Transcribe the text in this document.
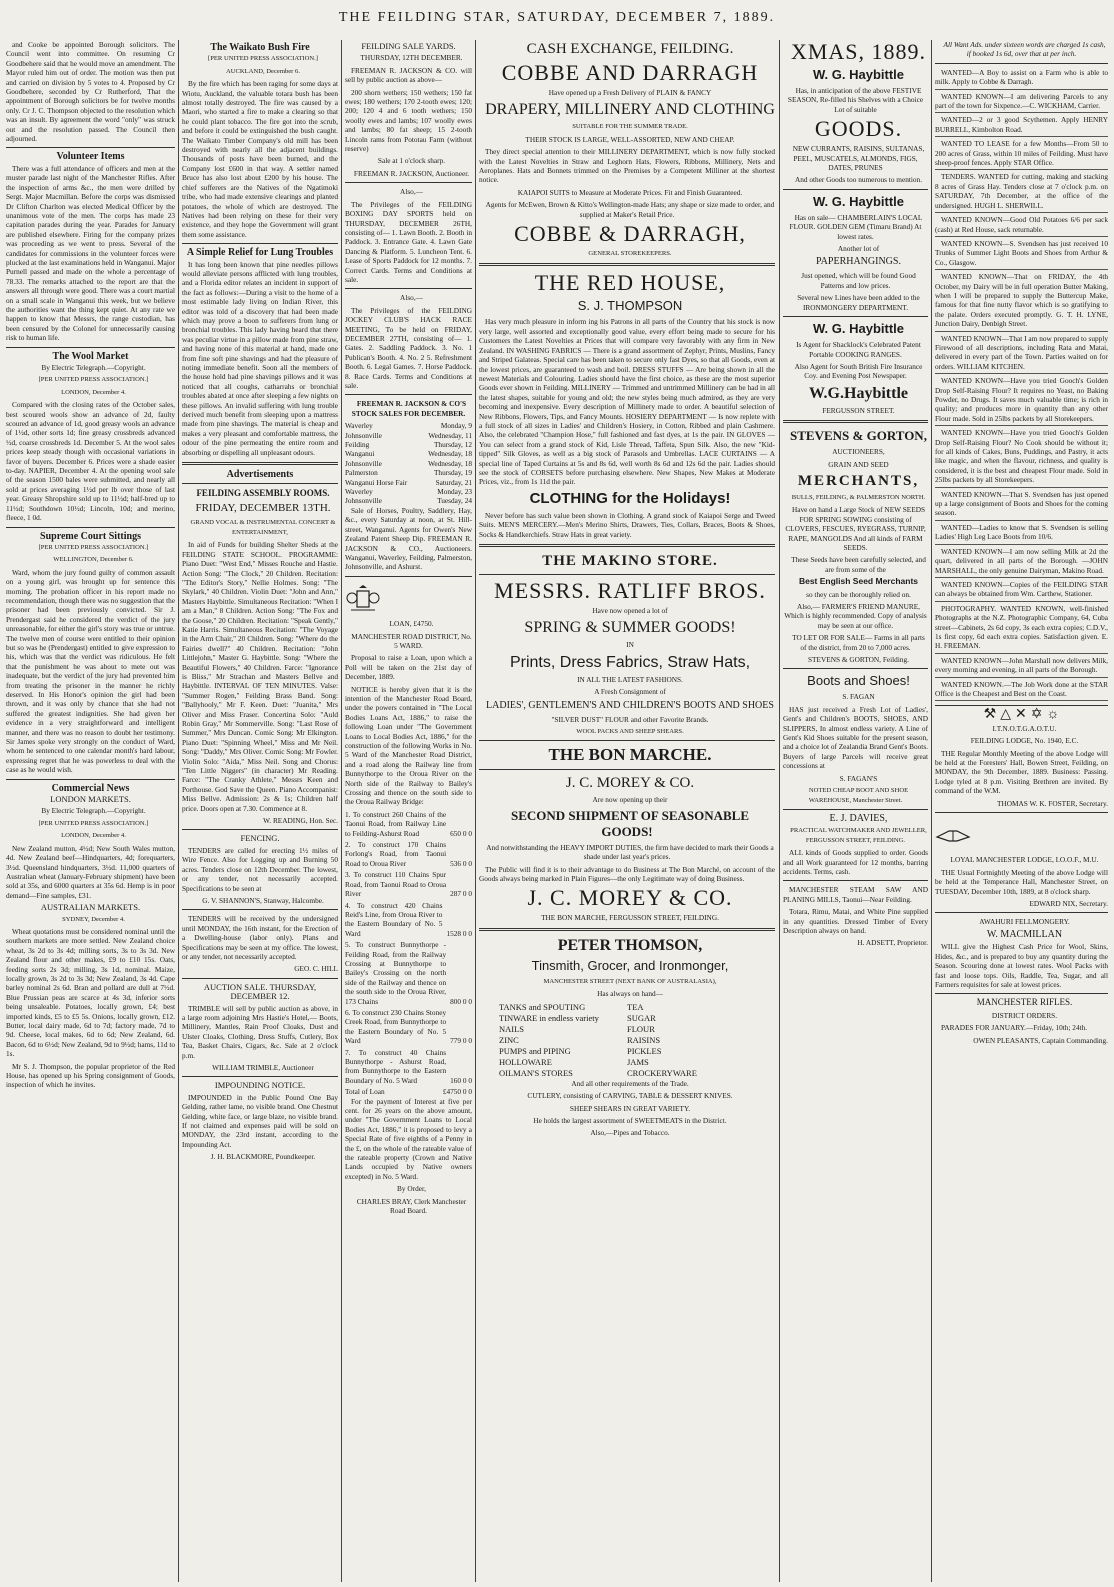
THE FEILDING STAR, SATURDAY, DECEMBER 7, 1889.

and Cooke be appointed Borough solicitors. The Council went into committee. On resuming Cr Goodbehere said that he would move an amendment. The Mayor ruled him out of order. The motion was then put and carried on division by 5 votes to 4. Proposed by Cr Goodbehere, seconded by Cr Rutherford, That the appointment of Borough solicitors be for twelve months only. Cr J. C. Thompson objected to the resolution which was an insult. By agreement the word "only" was struck out and the resolution passed. The Council then adjourned.

Volunteer Items

There was a full attendance of officers and men at the muster parade last night of the Manchester Rifles. After the inspection of arms &c., the men were drilled by Sergt. Major Macmillan. Before the corps was dismissed Dr Clifton Charlton was elected Medical Officer by the unanimous vote of the men. The corps has made 23 capitation parades during the year. Parades for January are published elsewhere. Firing for the company prizes was proceeding as we went to press. Several of the candidates for commissions in the volunteer forces were plucked at the last examinations held in Wanganui. Major Purnell passed and made on the whole a percentage of 78.33. The remarks attached to the report are that the answers all through were good. There was a court martial on a small scale in Wanganui this week, but we believe the authorities want the thing kept quiet. At any rate we happen to know that Messrs, the range custodian, has been censured by the Colonel for unnecessarily causing risk to human life.

The Wool Market

By Electric Telegraph.—Copyright.

[PER UNITED PRESS ASSOCIATION.]

LONDON, December 4.

Compared with the closing rates of the October sales, best scoured wools show an advance of 2d, faulty scoured an advance of 1d, good greasy wools an advance of 1½d, other sorts 1d; fine greasy crossbreds advanced ½d, coarse crossbreds 1d. December 5. At the wool sales prices keep steady though with occasional variations in favor of buyers. December 6. Prices were a shade easier to-day. NAPIER, December 4. At the opening wool sale of the season 1500 bales were submitted, and nearly all sold at prices averaging 1½d per lb over those of last year. Greasy Shropshire sold up to 11½d; half-bred up to 11½d; Southdown 10½d; Lincoln, 10d; and merino, fleece, 1 0d.

Supreme Court Sittings

[PER UNITED PRESS ASSOCIATION.]

WELLINGTON, December 6.

Ward, whom the jury found guilty of common assault on a young girl, was brought up for sentence this morning. The probation officer in his report made no recommendation, though there was no suggestion that the prisoner had been previously convicted. Sir J. Prendergast said he considered the verdict of the jury unreasonable, for either the girl's story was true or untrue. The twelve men of course were entitled to their opinion but so was he (Prendergast) entitled to give expression to his, which was that the verdict was ridiculous. He felt that the punishment he was about to mete out was inadequate, but the verdict of the jury had prevented him from treating the prisoner in the manner he richly deserved. In His Honor's opinion the girl had been thrown, and it was only by chance that she had not suffered the greatest indignities. She had given her evidence in a very straightforward and intelligent manner, and there was no reason to doubt her testimony. Sir James spoke very strongly on the conduct of Ward, whom he sentenced to one calendar month's hard labour, expressing regret that he was powerless to deal with the case as he would wish.

Commercial News
LONDON MARKETS.

By Electric Telegraph.—Copyright.

[PER UNITED PRESS ASSOCIATION.]

LONDON, December 4.

New Zealand mutton, 4½d; New South Wales mutton, 4d. New Zealand beef—Hindquarters, 4d; forequarters, 3½d. Queensland hindquarters, 3½d. 11,000 quarters of Australian wheat (January-February shipment) have been sold at 35s, and 6000 quarters at 35s 6d. Hemp is in poor demand—Fine samples, £31.

AUSTRALIAN MARKETS.

SYDNEY, December 4.

Wheat quotations must be considered nominal until the southern markets are more settled. New Zealand choice wheat, 3s 2d to 3s 4d; milling sorts, 3s to 3s 3d. New Zealand flour and other makes, £9 to £10 15s. Oats, feeding sorts 2s 3d; milling, 3s 1d, nominal. Maize, locally grown, 3s 2d to 3s 3d; New Zealand, 3s 4d. Cape barley nominal 2s 6d. Bran and pollard are dull at 7½d. Blue Prussian peas are scarce at 4s 3d, inferior sorts being unsaleable. Potatoes, locally grown, £4; best imported kinds, £5 to £5 5s. Onions, locally grown, £12. Butter, local dairy made, 6d to 7d; factory made, 7d to 9d. Cheese, local makes, 6d to 6d; New Zealand, 6d. Bacon, 6d to 6½d; New Zealand, 9d to 9½d; hams, 11d to 1s.

Mr S. J. Thompson, the popular proprietor of the Red House, has opened up his Spring consignment of Goods, inspection of which he invites.

The Waikato Bush Fire

[PER UNITED PRESS ASSOCIATION.]

AUCKLAND, December 6.

By the fire which has been raging for some days at Wiotu, Auckland, the valuable totara bush has been almost totally destroyed. The fire was caused by a Maori, who started a fire to make a clearing so that he could plant tobacco. The fire got into the scrub, and before it could be extinguished the bush caught. The Waikato Timber Company's old mill has been destroyed with nearly all the adjacent buildings. Thousands of posts have been burned, and the Company lost £600 in that way. A settler named Bruce has also lost about £200 by his house. The chief sufferers are the Natives of the Ngatimoki tribe, who had made extensive clearings and planted potatoes, the whole of which are destroyed. The Natives had been relying on these for their very existence, and they hope the Government will grant them some assistance.

A Simple Relief for Lung Troubles

It has long been known that pine needles pillows would alleviate persons afflicted with lung troubles, and a Florida editor relates an incident in support of the fact as follows:—During a visit to the home of a most estimable lady living on Indian River, this editor was told of a discovery that had been made which may prove a boon to sufferers from lung or bronchial troubles. This lady having heard that there was peculiar virtue in a pillow made from pine straw, and having none of this material at hand, made one from fine soft pine shavings and had the pleasure of noting immediate benefit. Soon all the members of the house hold had pine shavings pillows and it was noticed that all coughs, catharrahs or bronchial troubles abated at once after sleeping a few nights on these pillows. An invalid suffering with lung trouble derived much benefit from sleeping upon a mattress made from pine shavings. The material is cheap and makes a very pleasant and comfortable mattress, the odour of the pine permeating the entire room and absorbing or dispelling all unpleasant odours.

Advertisements

FEILDING ASSEMBLY ROOMS.

FRIDAY, DECEMBER 13TH.

GRAND VOCAL & INSTRUMENTAL CONCERT & ENTERTAINMENT,

In aid of Funds for building Shelter Sheds at the FEILDING STATE SCHOOL. PROGRAMME: Piano Duet: "West End," Misses Rouche and Hastie. Action Song: "The Clock," 20 Children. Recitation: "The Editor's Story," Nellie Holmes. Song: "The Skylark," 40 Children. Violin Duet: "John and Ann," Masters Haybittle. Simultaneous Recitation: "When I am a Man," 8 Children. Action Song: "The Fox and the Goose," 20 Children. Recitation: "Speak Gently," Katie Harris. Simultaneous Recitation: "The Voyage in the Arm Chair," 20 Children. Song: "Where do the Fairies dwell?" 40 Children. Recitation: "John Littlejohn," Master G. Haybittle. Song: "Where the Beautiful Flowers," 40 Children. Farce: "Ignorance is Bliss," Mr Strachan and Masters Bellve and Haybittle. INTERVAL OF TEN MINUTES. Valse: "Summer Rogen," Feilding Brass Band. Song: "Ballyhooly," Mr F. Keen. Duet: "Juanita," Mrs Oliver and Miss Fraser. Concertina Solo: "Auld Robin Gray," Mr Sommerville. Song: "Last Rose of Summer," Mrs Duncan. Comic Song: Mr Elkington. Piano Duet: "Spinning Wheel," Miss and Mr Neil. Song: "Daddy," Mrs Oliver. Comic Song: Mr Fowler. Violin Solo: "Aida," Miss Neil. Song and Chorus: "Ten Little Niggers" (in character) Mr Reading. Farce: "The Cranky Athlete," Messrs Keen and Porthouse. God Save the Queen. Piano Accompanist: Miss Bellve. Admission: 2s & 1s; Children half price. Doors open at 7.30. Commence at 8.

W. READING, Hon. Sec.

FENCING.

TENDERS are called for erecting 1½ miles of Wire Fence. Also for Logging up and Burning 50 acres. Tenders close on 12th December. The lowest, or any tender, not necessarily accepted. Specifications to be seen at

G. V. SHANNON'S, Stanway, Halcombe.

TENDERS will be received by the undersigned until MONDAY, the 16th instant, for the Erection of a Dwelling-house (labor only). Plans and Specifications may be seen at my office. The lowest, or any tender, not necessarily accepted.

GEO. C. HILL

AUCTION SALE. THURSDAY, DECEMBER 12.

TRIMBLE will sell by public auction as above, in a large room adjoining Mrs Hastie's Hotel,— Boots, Millinery, Mantles, Rain Proof Cloaks, Dust and Ulster Cloaks, Clothing, Dress Stuffs, Cutlery, Box Tea, Basket Chairs, Cigars, &c. Sale at 2 o'clock p.m.

WILLIAM TRIMBLE, Auctioneer

IMPOUNDING NOTICE.

IMPOUNDED in the Public Pound One Bay Gelding, rather lame, no visible brand. One Chestnut Gelding, white face, or large blaze, no visible brand. If not claimed and expenses paid will be sold on MONDAY, the 23rd instant, according to the Impounding Act.

J. H. BLACKMORE, Poundkeeper.

FEILDING SALE YARDS.

THURSDAY, 12TH DECEMBER.

FREEMAN R. JACKSON & CO. will sell by public auction as above—

200 shorn wethers; 150 wethers; 150 fat ewes; 180 wethers; 170 2-tooth ewes; 120; 200; 120 4 and 6 tooth wethers; 150 woolly ewes and lambs; 107 woolly ewes and lambs; 80 fat sheep; 15 2-tooth Lincoln rams from Pototau Farm (without reserve)

Sale at 1 o'clock sharp.

FREEMAN R. JACKSON, Auctioneer.

Also,—

The Privileges of the FEILDING BOXING DAY SPORTS held on THURSDAY, DECEMBER 26TH, consisting of— 1. Lawn Booth. 2. Booth in Paddock. 3. Entrance Gate. 4. Lawn Gate Dancing & Platform. 5. Luncheon Tent. 6. Lease of Sports Paddock for 12 months. 7. Correct Cards. Terms and Conditions at sale.

Also,—

The Privileges of the FEILDING JOCKEY CLUB'S HACK RACE MEETING, To be held on FRIDAY, DECEMBER 27TH, consisting of— 1. Gates. 2. Saddling Paddock. 3. No. 1 Publican's Booth. 4. No. 2 5. Refreshment Booth. 6. Legal Games. 7. Horse Paddock. 8. Race Cards. Terms and Conditions at sale.

FREEMAN R. JACKSON & CO'S STOCK SALES FOR DECEMBER.

Waverley	Monday, 9
Johnsonville	Wednesday, 11
Feilding	Thursday, 12
Wanganui	Wednesday, 18
Johnsonville	Wednesday, 18
Palmerston	Thursday, 19
Wanganui Horse Fair	Saturday, 21
Waverley	Monday, 23
Johnsonville	Tuesday, 24

Sale of Horses, Poultry, Saddlery, Hay, &c., every Saturday at noon, at St. Hill-street, Wanganui. Agents for Owen's New Zealand Patent Sheep Dip. FREEMAN R. JACKSON & CO., Auctioneers. Wanganui, Waverley, Feilding, Palmerston, Johnsonville, and Ashurst.

LOAN, £4750.

MANCHESTER ROAD DISTRICT, No. 5 WARD.

Proposal to raise a Loan, upon which a Poll will be taken on the 21st day of December, 1889.

NOTICE is hereby given that it is the intention of the Manchester Road Board, under the powers contained in "The Local Bodies Loans Act, 1886," to raise the following Loan under "The Government Loans to Local Bodies Act, 1886," for the construction of the following Works in No. 5 Ward of the Manchester Road District, and a road along the Railway line from Bunnythorpe to the Oroua River on the North side of the Railway to Bailey's Crossing and thence on the south side to the Oroua Railway Bridge:

1. To construct 260 Chains of the Taonui Road, from Railway Line to Feilding-Ashurst Road	650 0 0
2. To construct 170 Chains Forlong's Road, from Taonui Road to Oroua River	536 0 0
3. To construct 110 Chains Spur Road, from Taonui Road to Oroua River	287 0 0
4. To construct 420 Chains Reid's Line, from Oroua River to the Eastern Boundary of No. 5 Ward	1528 0 0
5. To construct Bunnythorpe - Feilding Road, from the Railway Crossing at Bunnythorpe to Bailey's Crossing on the north side of the Railway and thence on the south side to the Oroua River, 173 Chains	800 0 0
6. To construct 230 Chains Stoney Creek Road, from Bunnythorpe to the Eastern Boundary of No. 5 Ward	779 0 0
7. To construct 40 Chains Bunnythorpe - Ashurst Road, from Bunnythorpe to the Eastern Boundary of No. 5 Ward	160 0 0
Total of Loan	£4750 0 0

For the payment of Interest at five per cent. for 26 years on the above amount, under "The Government Loans to Local Bodies Act, 1886," it is proposed to levy a Special Rate of five eighths of a Penny in the £, on the whole of the rateable value of the rateable property (Crown and Native Lands occupied by Native owners excepted) in No. 5 Ward.

By Order,

CHARLES BRAY, Clerk Manchester Road Board.

CASH EXCHANGE, FEILDING.

COBBE AND DARRAGH

Have opened up a Fresh Delivery of PLAIN & FANCY

DRAPERY, MILLINERY AND CLOTHING

SUITABLE FOR THE SUMMER TRADE.

THEIR STOCK IS LARGE, WELL-ASSORTED, NEW AND CHEAP.

They direct special attention to their MILLINERY DEPARTMENT, which is now fully stocked with the Latest Novelties in Straw and Leghorn Hats, Flowers, Ribbons, Millinery, Nets and Aeroplanes. Hats and Bonnets trimmed on the Premises by a Competent Milliner at the shortest notice.

KAIAPOI SUITS to Measure at Moderate Prices. Fit and Finish Guaranteed.

Agents for McEwen, Brown & Kitto's Wellington-made Hats; any shape or size made to order, and supplied at Maker's Retail Price.

COBBE & DARRAGH,

GENERAL STOREKEEPERS.

THE RED HOUSE,

S. J. THOMPSON

Has very much pleasure in inform ing his Patrons in all parts of the Country that his stock is now very large, well assorted and exceptionally good value, every effort being made to secure for his Customers the Latest Novelties at Prices that will compare very favorably with any firm in New Zealand. IN WASHING FABRICS — There is a grand assortment of Zephyr, Prints, Muslins, Fancy and Striped Galateas. Special care has been taken to secure only fast Dyes, so that all Goods, even at the lowest prices, are guaranteed to wash and boil. DRESS STUFFS — Are being shown in all the newest Materials and Colouring. Ladies should have the first choice, as these are the most superior Goods ever shown in Feilding. MILLINERY — Trimmed and untrimmed Millinery can be had in all the latest shapes, suitable for young and old; the new styles being much admired, as they are very becoming and inexpensive. Every description of Millinery made to order. A beautiful selection of New Ribbons, Flowers, Tips, and Fancy Mounts. HOSIERY DEPARTMENT — Is now replete with a full stock of all sizes in Ladies' and Children's Hosiery, in Cotton, Ribbed and plain Cashmere. Also, the celebrated "Champion Hose," full fashioned and fast dyes, at 1s the pair. IN GLOVES — You can select from a grand stock of Kid, Lisle Thread, Taffeta, Spun Silk. Also, the new "Kid-tipped" Silk Gloves, as well as a big stock of Parasols and Umbrellas. LACE CURTAINS — A special line of Taped Curtains at 5s and 8s 6d, well worth 8s 6d and 12s 6d the pair. Ladies should see the stock of CORSETS before purchasing elsewhere. New Shapes, New Makes at Moderate Prices, viz., from 1s 11d the pair.

CLOTHING for the Holidays!

Never before has such value been shown in Clothing. A grand stock of Kaiapoi Serge and Tweed Suits. MEN'S MERCERY.—Men's Merino Shirts, Drawers, Ties, Collars, Braces, Boots & Shoes, Socks & Handkerchiefs. Straw Hats in great variety.

THE MAKINO STORE.

MESSRS. RATLIFF BROS.

Have now opened a lot of

SPRING & SUMMER GOODS!

IN

Prints, Dress Fabrics, Straw Hats,

IN ALL THE LATEST FASHIONS.

A Fresh Consignment of

LADIES', GENTLEMEN'S AND CHILDREN'S BOOTS AND SHOES

"SILVER DUST" FLOUR and other Favorite Brands.

WOOL PACKS AND SHEEP SHEARS.

THE BON MARCHE.

J. C. MOREY & CO.

Are now opening up their

SECOND SHIPMENT OF SEASONABLE GOODS!

And notwithstanding the HEAVY IMPORT DUTIES, the firm have decided to mark their Goods a shade under last year's prices.

The Public will find it is to their advantage to do Business at The Bon Marché, on account of the Goods always being marked in Plain Figures—the only Legitimate way of doing Business.

J. C. MOREY & CO.

THE BON MARCHE, FERGUSSON STREET, FEILDING.

PETER THOMSON,

Tinsmith, Grocer, and Ironmonger,

MANCHESTER STREET (NEXT BANK OF AUSTRALASIA),

Has always on hand—

TANKS and SPOUTING	TEA
TINWARE in endless variety	SUGAR
NAILS	FLOUR
ZINC	RAISINS
PUMPS and PIPING	PICKLES
HOLLOWARE	JAMS
OILMAN'S STORES	CROCKERYWARE

And all other requirements of the Trade.

CUTLERY, consisting of CARVING, TABLE & DESSERT KNIVES.

SHEEP SHEARS IN GREAT VARIETY.

He holds the largest assortment of SWEETMEATS in the District.

Also,—Pipes and Tobacco.

XMAS, 1889.

W. G. Haybittle

Has, in anticipation of the above FESTIVE SEASON, Re-filled his Shelves with a Choice Lot of suitable

GOODS.

NEW CURRANTS, RAISINS, SULTANAS, PEEL, MUSCATELS, ALMONDS, FIGS, DATES, PRUNES

And other Goods too numerous to mention.

W. G. Haybittle

Has on sale— CHAMBERLAIN'S LOCAL FLOUR. GOLDEN GEM (Timaru Brand) At lowest rates.

Another lot of

PAPERHANGINGS.

Just opened, which will be found Good Patterns and low prices.

Several new Lines have been added to the IRONMONGERY DEPARTMENT.

W. G. Haybittle

Is Agent for Shacklock's Celebrated Patent Portable COOKING RANGES.

Also Agent for South British Fire Insurance Coy. and Evening Post Newspaper.

W.G.Haybittle

FERGUSSON STREET.

STEVENS & GORTON,

AUCTIONEERS,

GRAIN AND SEED

MERCHANTS,

BULLS, FEILDING, & PALMERSTON NORTH.

Have on hand a Large Stock of NEW SEEDS FOR SPRING SOWING consisting of CLOVERS, FESCUES, RYEGRASS, TURNIP, RAPE, MANGOLDS And all kinds of FARM SEEDS.

These Seeds have been carefully selected, and are from some of the

Best English Seed Merchants

so they can be thoroughly relied on.

Also,— FARMER'S FRIEND MANURE, Which is highly recommended. Copy of analysis may be seen at our office.

TO LET OR FOR SALE— Farms in all parts of the district, from 20 to 7,000 acres.

STEVENS & GORTON, Feilding.

Boots and Shoes!

S. FAGAN

HAS just received a Fresh Lot of Ladies', Gent's and Children's BOOTS, SHOES, AND SLIPPERS, In almost endless variety. A Line of Gent's Kid Shoes suitable for the present season, and a choice lot of Zealandia Brand Gent's Boots. Buyers of large Parcels will receive great concessions at

S. FAGAN'S

NOTED CHEAP BOOT AND SHOE WAREHOUSE, Manchester Street.

E. J. DAVIES,

PRACTICAL WATCHMAKER AND JEWELLER, FERGUSSON STREET, FEILDING.

ALL kinds of Goods supplied to order. Goods and all Work guaranteed for 12 months, barring accidents. Terms, cash.

MANCHESTER STEAM SAW AND PLANING MILLS, Taonui—Near Feilding.

Totara, Rimu, Matai, and White Pine supplied in any quantities. Dressed Timber of Every Description always on hand.

H. ADSETT, Proprietor.

All Want Ads. under sixteen words are charged 1s cash, if booked 1s 6d, over that at per inch.

WANTED—A Boy to assist on a Farm who is able to milk. Apply to Cobbe & Darragh.

WANTED KNOWN—I am delivering Parcels to any part of the town for Sixpence.—C. WICKHAM, Carrier.

WANTED—2 or 3 good Scythemen. Apply HENRY BURRELL, Kimbolton Road.

WANTED TO LEASE for a few Months—From 50 to 200 acres of Grass, within 10 miles of Feilding. Must have sheep-proof fences. Apply STAR Office.

TENDERS. WANTED for cutting, making and stacking 8 acres of Grass Hay. Tenders close at 7 o'clock p.m. on SATURDAY, 7th December, at the office of the undersigned. HUGH L. SHERWILL.

WANTED KNOWN—Good Old Potatoes 6/6 per sack (cash) at Red House, sack returnable.

WANTED KNOWN—S. Svendsen has just received 10 Trunks of Summer Light Boots and Shoes from Arthur & Co., Glasgow.

WANTED KNOWN—That on FRIDAY, the 4th October, my Dairy will be in full operation Butter Making, when I will be prepared to supply the Buttercup Make, famous for that fine nutty flavor which is so gratifying to the palate. Orders executed promptly. G. T. H. LYNE, Junction Dairy, Denbigh Street.

WANTED KNOWN—That I am now prepared to supply Firewood of all descriptions, including Rata and Matai, delivered in every part of the Town. Parties waited on for orders. WILLIAM KITCHEN.

WANTED KNOWN—Have you tried Gooch's Golden Drop Self-Raising Flour? It requires no Yeast, no Baking Powder, no Drugs. It saves much valuable time; is rich in quality; and produces more in quantity than any other Flour made. Sold in 25lbs packets by all Storekeepers.

WANTED KNOWN—Have you tried Gooch's Golden Drop Self-Raising Flour? No Cook should be without it; for all kinds of Cakes, Buns, Puddings, and Pastry, it acts like magic, and when the flavour, richness, and quality is considered, it is the best and cheapest Flour made. Sold in 25lbs packets by all Storekeepers.

WANTED KNOWN—That S. Svendsen has just opened up a large consignment of Boots and Shoes for the coming season.

WANTED—Ladies to know that S. Svendsen is selling Ladies' High Leg Lace Boots from 10/6.

WANTED KNOWN—I am now selling Milk at 2d the quart, delivered in all parts of the Borough. —JOHN MARSHALL, the only genuine Dairyman, Makino Road.

WANTED KNOWN—Copies of the FEILDING STAR can always be obtained from Wm. Carthew, Stationer.

PHOTOGRAPHY. WANTED KNOWN, well-finished Photographs at the N.Z. Photographic Company, 64, Cuba street—Cabinets, 2s 6d copy, 3s each extra copies; C.D.V., 1s first copy, 6d each extra copies. Satisfaction given. E. H. FREEMAN.

WANTED KNOWN—John Marshall now delivers Milk, every morning and evening, in all parts of the Borough.

WANTED KNOWN.—The Job Work done at the STAR Office is the Cheapest and Best on the Coast.

⚒ △ ✕ ✡ ☼

I.T.N.O.T.G.A.O.T.U.

FEILDING LODGE, No. 1940, E.C.

THE Regular Monthly Meeting of the above Lodge will be held at the Foresters' Hall, Bowen Street, Feilding, on MONDAY, the 9th December, 1889. Business: Passing. Lodge tyled at 8 p.m. Visiting Brethren are invited. By command of the W.M.

THOMAS W. K. FOSTER, Secretary.

LOYAL MANCHESTER LODGE, I.O.O.F., M.U.

THE Usual Fortnightly Meeting of the above Lodge will be held at the Temperance Hall, Manchester Street, on TUESDAY, December 10th, 1889, at 8 o'clock sharp.

EDWARD NIX, Secretary.

AWAHURI FELLMONGERY.

W. MACMILLAN

WILL give the Highest Cash Price for Wool, Skins, Hides, &c., and is prepared to buy any quantity during the Season. Scouring done at lowest rates. Wool Packs with fast and loose tops. Oils, Raddle, Tea, Sugar, and all Farmers requisites for sale at lowest prices.

MANCHESTER RIFLES.

DISTRICT ORDERS.

PARADES FOR JANUARY.—Friday, 10th; 24th.

OWEN PLEASANTS, Captain Commanding.
